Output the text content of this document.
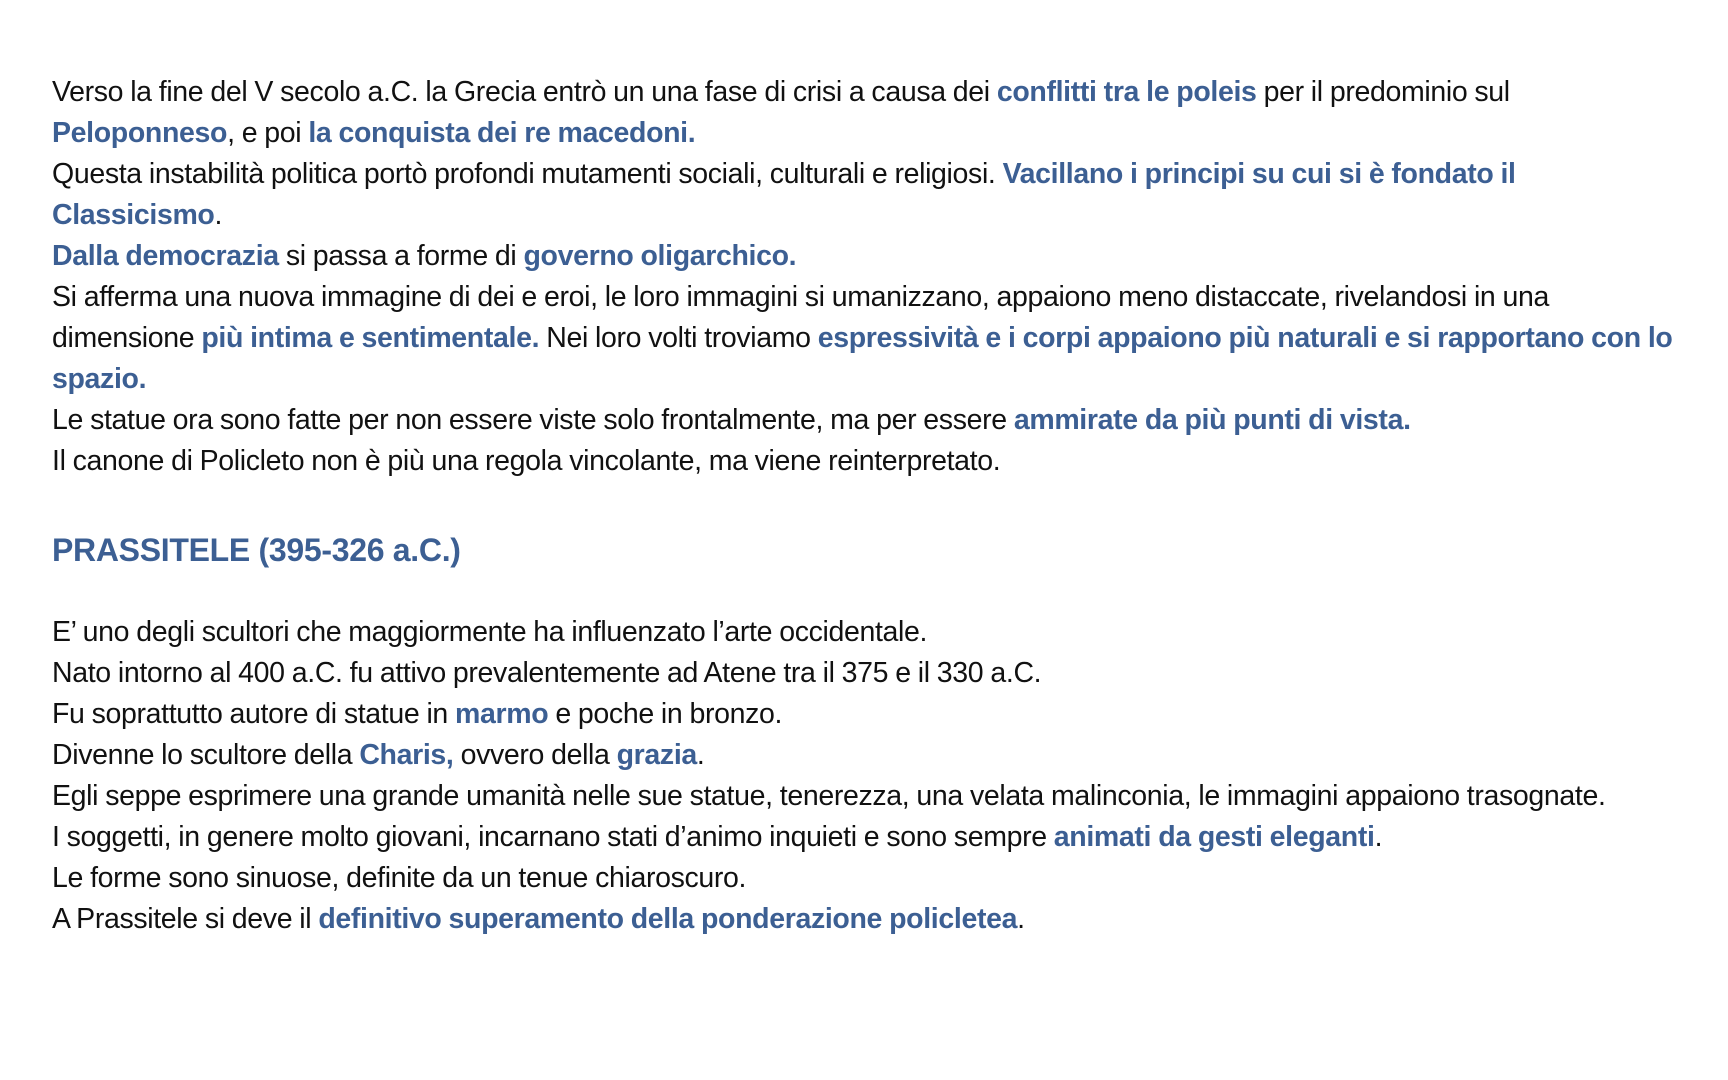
Verso la fine del V secolo a.C. la Grecia entrò un una fase di crisi a causa dei conflitti tra le poleis per il predominio sul Peloponneso, e poi la conquista dei re macedoni.

Questa instabilità politica portò profondi mutamenti sociali, culturali e religiosi. Vacillano i principi su cui si è fondato il Classicismo.

Dalla democrazia si passa a forme di governo oligarchico.

Si afferma una nuova immagine di dei e eroi, le loro immagini si umanizzano, appaiono meno distaccate, rivelandosi in una dimensione più intima e sentimentale. Nei loro volti troviamo espressività e i corpi appaiono più naturali e si rapportano con lo spazio.

Le statue ora sono fatte per non essere viste solo frontalmente, ma per essere ammirate da più punti di vista.

Il canone di Policleto non è più una regola vincolante, ma viene reinterpretato.

PRASSITELE (395-326 a.C.)

E’ uno degli scultori che maggiormente ha influenzato l’arte occidentale.

Nato intorno al 400 a.C. fu attivo prevalentemente ad Atene tra il 375 e il 330 a.C.

Fu soprattutto autore di statue in marmo e poche in bronzo.

Divenne lo scultore della Charis, ovvero della grazia.

Egli seppe esprimere una grande umanità nelle sue statue, tenerezza, una velata malinconia, le immagini appaiono trasognate.

I soggetti, in genere molto giovani, incarnano stati d’animo inquieti e sono sempre animati da gesti eleganti.

Le forme sono sinuose, definite da un tenue chiaroscuro.

A Prassitele si deve il definitivo superamento della ponderazione policletea.
